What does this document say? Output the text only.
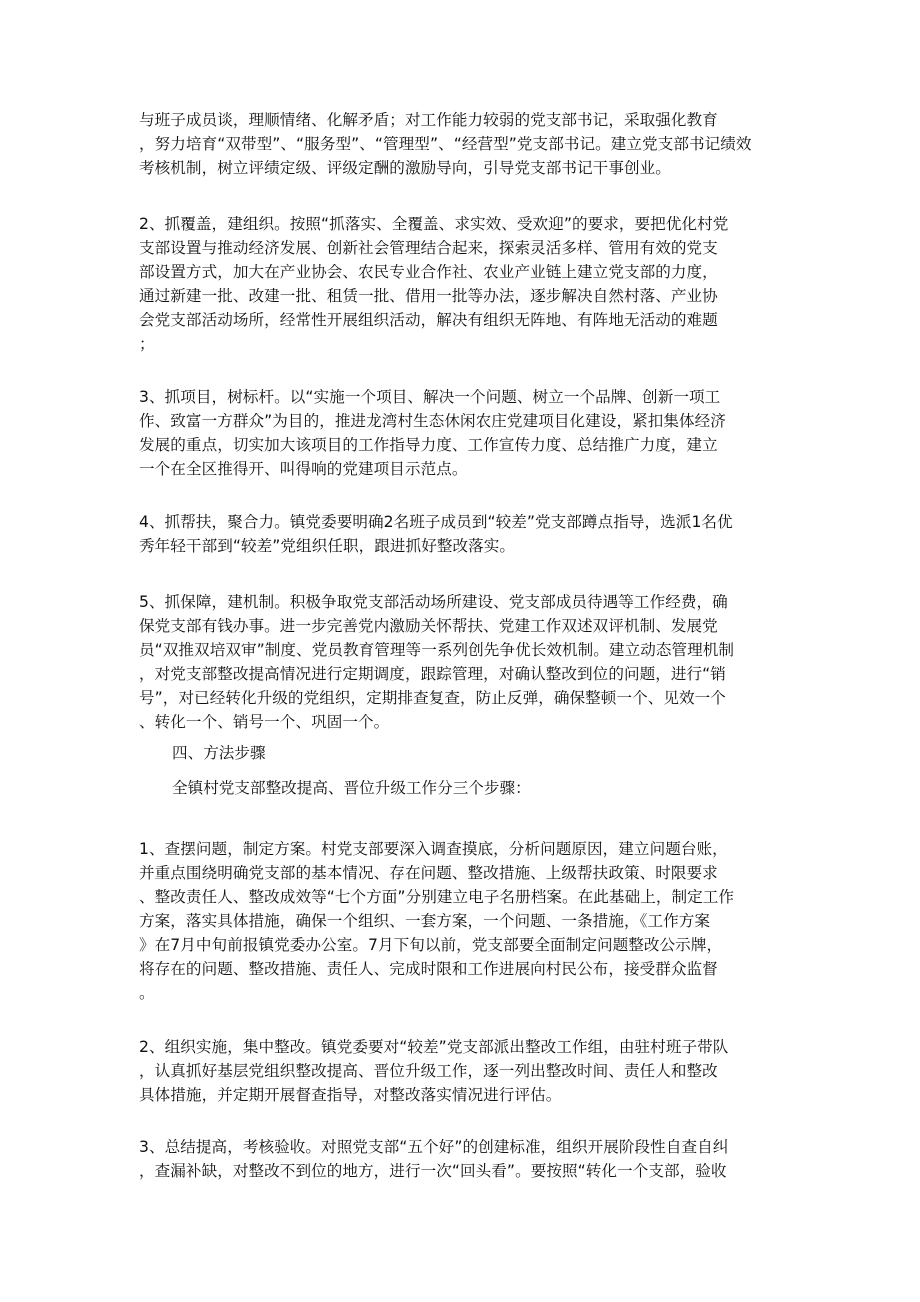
与班子成员谈，理顺情绪、化解矛盾；对工作能力较弱的党支部书记，采取强化教育
，努力培育“双带型”、“服务型”、“管理型”、“经营型”党支部书记。建立党支部书记绩效
考核机制，树立评绩定级、评级定酬的激励导向，引导党支部书记干事创业。
2、抓覆盖，建组织。按照“抓落实、全覆盖、求实效、受欢迎”的要求，要把优化村党
支部设置与推动经济发展、创新社会管理结合起来，探索灵活多样、管用有效的党支
部设置方式，加大在产业协会、农民专业合作社、农业产业链上建立党支部的力度，
通过新建一批、改建一批、租赁一批、借用一批等办法，逐步解决自然村落、产业协
会党支部活动场所，经常性开展组织活动，解决有组织无阵地、有阵地无活动的难题
；
3、抓项目，树标杆。以“实施一个项目、解决一个问题、树立一个品牌、创新一项工
作、致富一方群众”为目的，推进龙湾村生态休闲农庄党建项目化建设，紧扣集体经济
发展的重点，切实加大该项目的工作指导力度、工作宣传力度、总结推广力度，建立
一个在全区推得开、叫得响的党建项目示范点。
4、抓帮扶，聚合力。镇党委要明确2名班子成员到“较差”党支部蹲点指导，选派1名优
秀年轻干部到“较差”党组织任职，跟进抓好整改落实。
5、抓保障，建机制。积极争取党支部活动场所建设、党支部成员待遇等工作经费，确
保党支部有钱办事。进一步完善党内激励关怀帮扶、党建工作双述双评机制、发展党
员“双推双培双审”制度、党员教育管理等一系列创先争优长效机制。建立动态管理机制
，对党支部整改提高情况进行定期调度，跟踪管理，对确认整改到位的问题，进行“销
号”，对已经转化升级的党组织，定期排查复查，防止反弹，确保整顿一个、见效一个
、转化一个、销号一个、巩固一个。
四、方法步骤
全镇村党支部整改提高、晋位升级工作分三个步骤：
1、查摆问题，制定方案。村党支部要深入调查摸底，分析问题原因，建立问题台账，
并重点围绕明确党支部的基本情况、存在问题、整改措施、上级帮扶政策、时限要求
、整改责任人、整改成效等“七个方面”分别建立电子名册档案。在此基础上，制定工作
方案，落实具体措施，确保一个组织、一套方案，一个问题、一条措施，《工作方案
》在7月中旬前报镇党委办公室。7月下旬以前，党支部要全面制定问题整改公示牌，
将存在的问题、整改措施、责任人、完成时限和工作进展向村民公布，接受群众监督
。
2、组织实施，集中整改。镇党委要对“较差”党支部派出整改工作组，由驻村班子带队
，认真抓好基层党组织整改提高、晋位升级工作，逐一列出整改时间、责任人和整改
具体措施，并定期开展督查指导，对整改落实情况进行评估。
3、总结提高，考核验收。对照党支部“五个好”的创建标准，组织开展阶段性自查自纠
，查漏补缺，对整改不到位的地方，进行一次“回头看”。要按照“转化一个支部，验收
